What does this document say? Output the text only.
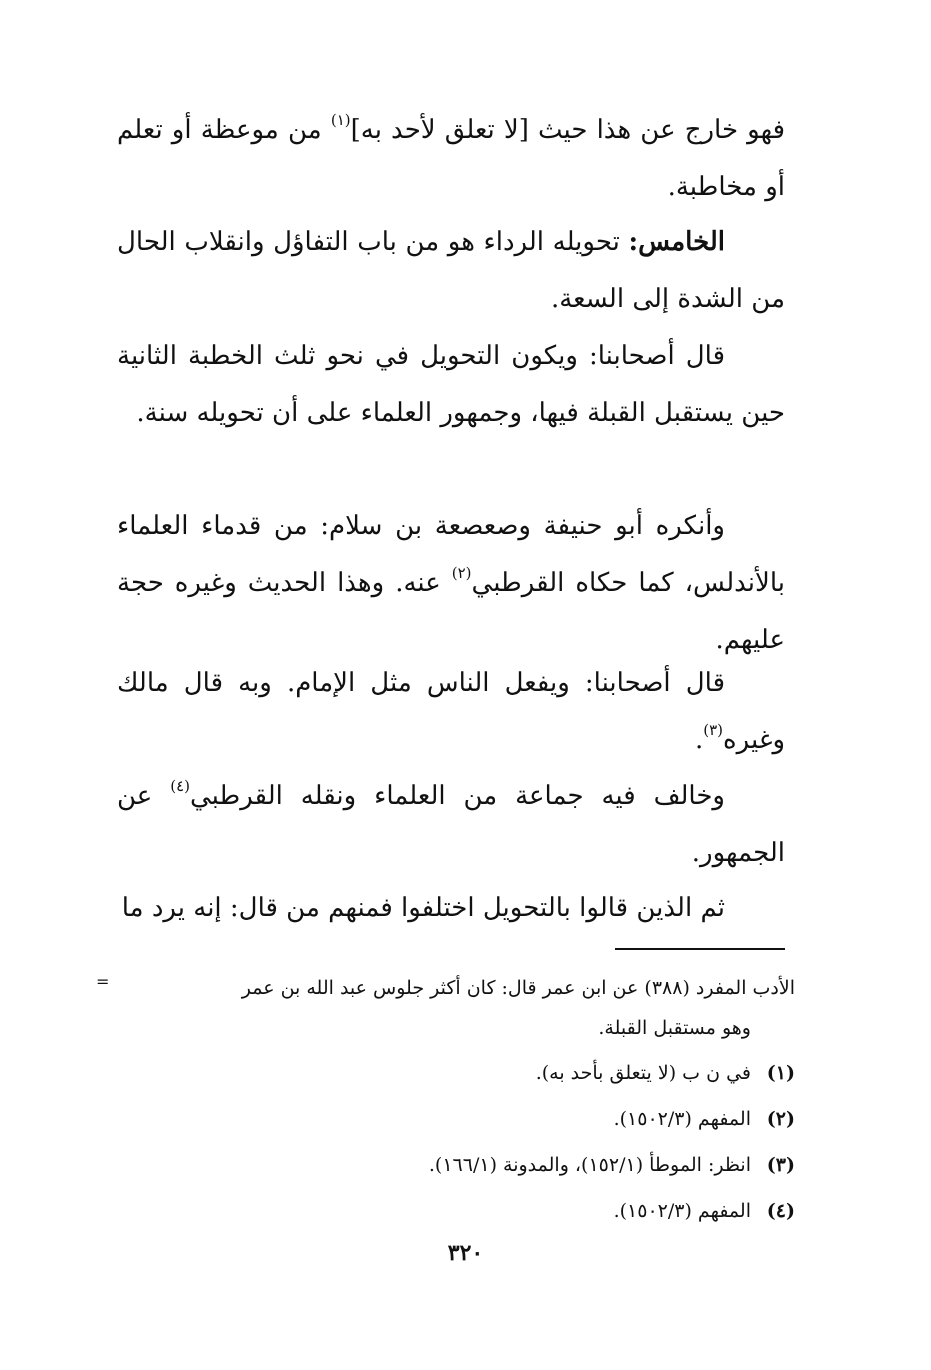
فهو خارج عن هذا حيث [لا تعلق لأحد به]$^{(١)}$ من موعظة أو تعلم أو مخاطبة.

الخامس: تحويله الرداء هو من باب التفاؤل وانقلاب الحال من الشدة إلى السعة.

قال أصحابنا: ويكون التحويل في نحو ثلث الخطبة الثانية حين يستقبل القبلة فيها، وجمهور العلماء على أن تحويله سنة.

وأنكره أبو حنيفة وصعصعة بن سلام: من قدماء العلماء بالأندلس، كما حكاه القرطبي$^{(٢)}$ عنه. وهذا الحديث وغيره حجة عليهم.

قال أصحابنا: ويفعل الناس مثل الإمام. وبه قال مالك وغيره$^{(٣)}$.

وخالف فيه جماعة من العلماء ونقله القرطبي$^{(٤)}$ عن الجمهور.

ثم الذين قالوا بالتحويل اختلفوا فمنهم من قال: إنه يرد ما

=	الأدب المفرد (٣٨٨) عن ابن عمر قال: كان أكثر جلوس عبد الله بن عمر
وهو مستقبل القبلة.
(١)في ن ب (لا يتعلق بأحد به).
(٢)المفهم (١٥٠٢/٣).
(٣)انظر: الموطأ (١٥٢/١)، والمدونة (١٦٦/١).
(٤)المفهم (١٥٠٢/٣).
٣٢٠
